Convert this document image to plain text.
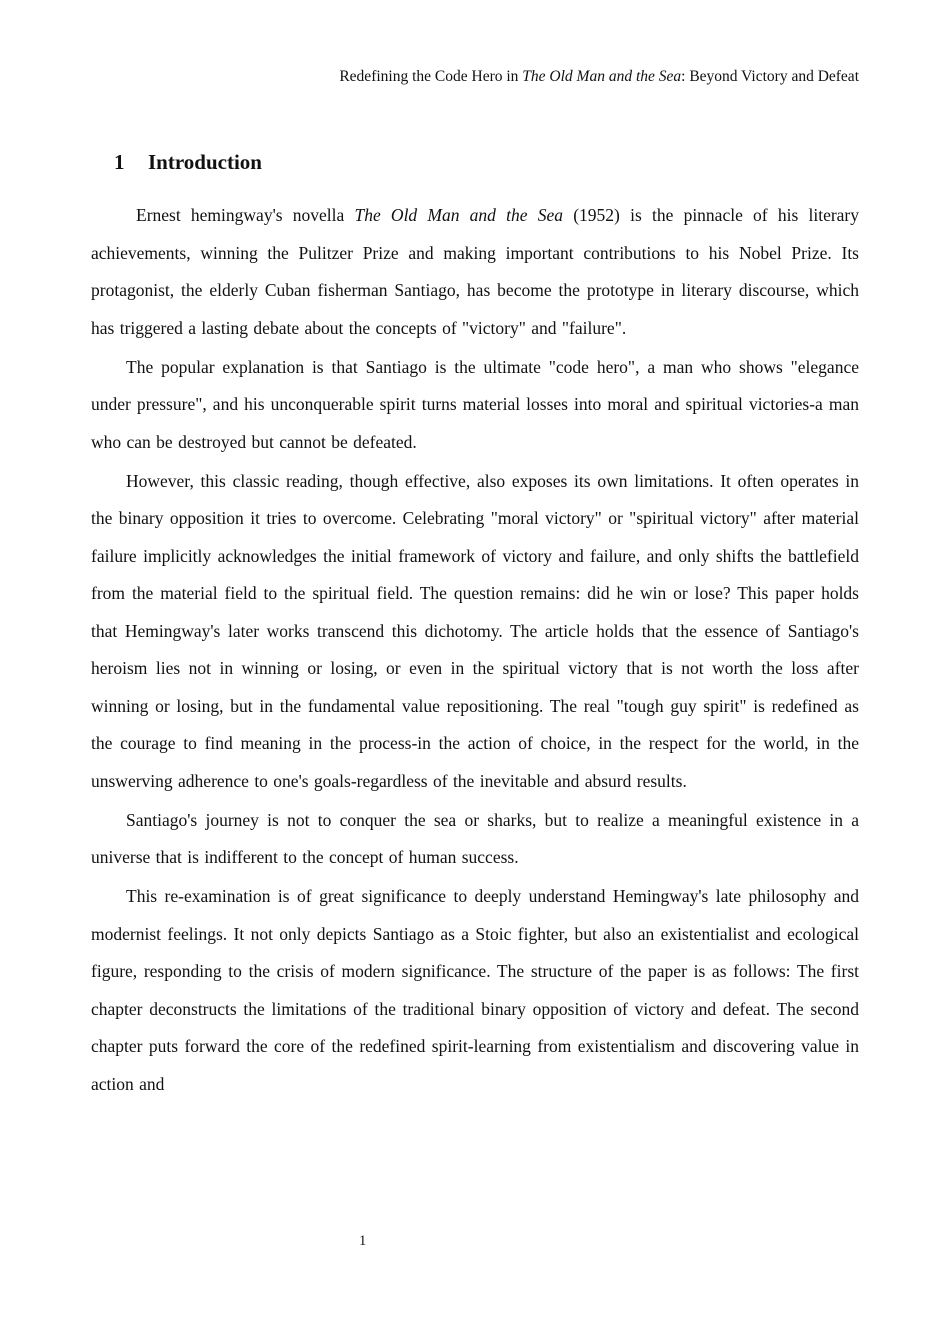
Redefining the Code Hero in The Old Man and the Sea: Beyond Victory and Defeat
1 Introduction

Ernest hemingway's novella The Old Man and the Sea (1952) is the pinnacle of his literary achievements, winning the Pulitzer Prize and making important contributions to his Nobel Prize. Its protagonist, the elderly Cuban fisherman Santiago, has become the prototype in literary discourse, which has triggered a lasting debate about the concepts of "victory" and "failure".

The popular explanation is that Santiago is the ultimate "code hero", a man who shows "elegance under pressure", and his unconquerable spirit turns material losses into moral and spiritual victories-a man who can be destroyed but cannot be defeated.

However, this classic reading, though effective, also exposes its own limitations. It often operates in the binary opposition it tries to overcome. Celebrating "moral victory" or "spiritual victory" after material failure implicitly acknowledges the initial framework of victory and failure, and only shifts the battlefield from the material field to the spiritual field. The question remains: did he win or lose? This paper holds that Hemingway's later works transcend this dichotomy. The article holds that the essence of Santiago's heroism lies not in winning or losing, or even in the spiritual victory that is not worth the loss after winning or losing, but in the fundamental value repositioning. The real "tough guy spirit" is redefined as the courage to find meaning in the process-in the action of choice, in the respect for the world, in the unswerving adherence to one's goals-regardless of the inevitable and absurd results.

Santiago's journey is not to conquer the sea or sharks, but to realize a meaningful existence in a universe that is indifferent to the concept of human success.

This re-examination is of great significance to deeply understand Hemingway's late philosophy and modernist feelings. It not only depicts Santiago as a Stoic fighter, but also an existentialist and ecological figure, responding to the crisis of modern significance. The structure of the paper is as follows: The first chapter deconstructs the limitations of the traditional binary opposition of victory and defeat. The second chapter puts forward the core of the redefined spirit-learning from existentialism and discovering value in action and

1
